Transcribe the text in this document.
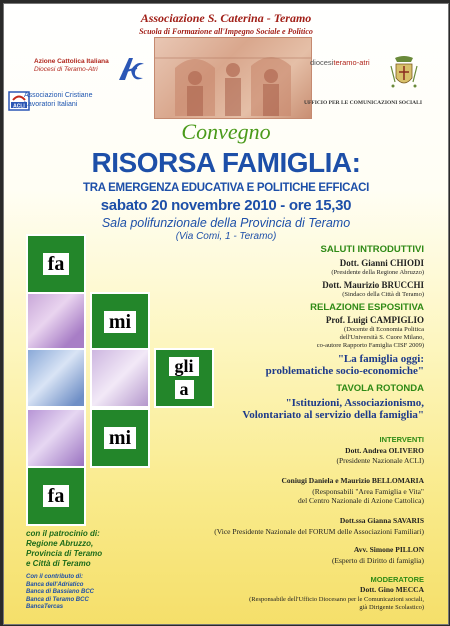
Associazione S. Caterina - Teramo
Scuola di Formazione all'Impegno Sociale e Politico
Azione Cattolica Italiana
Diocesi di Teramo-Atri
ACLI
Associazioni Cristiane
Lavoratori Italiani
diocesiteramo-atri
UFFICIO PER LE COMUNICAZIONI SOCIALI
Convegno
RISORSA FAMIGLIA:
TRA EMERGENZA EDUCATIVA E POLITICHE EFFICACI
sabato 20 novembre 2010 - ore 15,30
Sala polifunzionale della Provincia di Teramo
(Via Comi, 1 - Teramo)
fa
mi
gli
a
mi
fa
con il patrocinio di:
Regione Abruzzo,
Provincia di Teramo
e Città di Teramo
Con il contributo di:
Banca dell'Adriatico
Banca di Bassiano BCC
Banca di Teramo BCC
BancaTercas
SALUTI INTRODUTTIVI
Dott. Gianni CHIODI
(Presidente della Regione Abruzzo)
Dott. Maurizio BRUCCHI
(Sindaco della Città di Teramo)
RELAZIONE ESPOSITIVA
Prof. Luigi CAMPIGLIO
(Docente di Economia Politica
dell'Università S. Cuore Milano,
co-autore Rapporto Famiglia CISF 2009)
"La famiglia oggi:
problematiche socio-economiche"
TAVOLA ROTONDA
"Istituzioni, Associazionismo,
Volontariato al servizio della famiglia"
INTERVENTI
Dott. Andrea OLIVERO
(Presidente Nazionale ACLI)
Coniugi Daniela e Maurizio BELLOMARIA
(Responsabili "Area Famiglia e Vita"
del Centro Nazionale di Azione Cattolica)
Dott.ssa Gianna SAVARIS
(Vice Presidente Nazionale del FORUM delle Associazioni Familiari)
Avv. Simone PILLON
(Esperto di Diritto di famiglia)
MODERATORE
Dott. Gino MECCA
(Responsabile dell'Ufficio Diocesano per le Comunicazioni sociali,
già Dirigente Scolastico)
